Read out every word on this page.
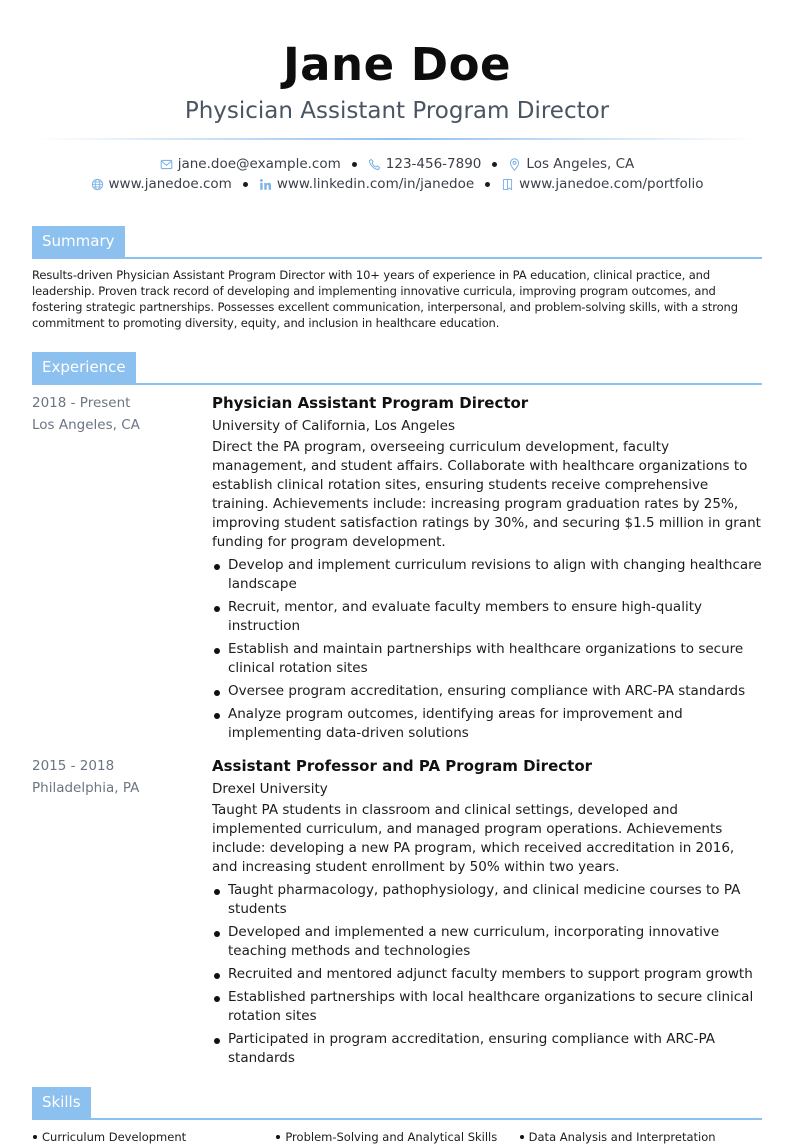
Jane Doe
Physician Assistant Program Director
jane.doe@example.com	123-456-7890	Los Angeles, CA
www.janedoe.com	www.linkedin.com/in/janedoe	www.janedoe.com/portfolio
Summary
Results-driven Physician Assistant Program Director with 10+ years of experience in PA education, clinical practice, and leadership. Proven track record of developing and implementing innovative curricula, improving program outcomes, and fostering strategic partnerships. Possesses excellent communication, interpersonal, and problem-solving skills, with a strong commitment to promoting diversity, equity, and inclusion in healthcare education.
Experience
2018 - Present
Los Angeles, CA
Physician Assistant Program Director
University of California, Los Angeles
Direct the PA program, overseeing curriculum development, faculty management, and student affairs. Collaborate with healthcare organizations to establish clinical rotation sites, ensuring students receive comprehensive training. Achievements include: increasing program graduation rates by 25%, improving student satisfaction ratings by 30%, and securing $1.5 million in grant funding for program development.
Develop and implement curriculum revisions to align with changing healthcare landscape
Recruit, mentor, and evaluate faculty members to ensure high-quality instruction
Establish and maintain partnerships with healthcare organizations to secure clinical rotation sites
Oversee program accreditation, ensuring compliance with ARC-PA standards
Analyze program outcomes, identifying areas for improvement and implementing data-driven solutions
2015 - 2018
Philadelphia, PA
Assistant Professor and PA Program Director
Drexel University
Taught PA students in classroom and clinical settings, developed and implemented curriculum, and managed program operations. Achievements include: developing a new PA program, which received accreditation in 2016, and increasing student enrollment by 50% within two years.
Taught pharmacology, pathophysiology, and clinical medicine courses to PA students
Developed and implemented a new curriculum, incorporating innovative teaching methods and technologies
Recruited and mentored adjunct faculty members to support program growth
Established partnerships with local healthcare organizations to secure clinical rotation sites
Participated in program accreditation, ensuring compliance with ARC-PA standards
Skills
Curriculum Development	Problem-Solving and Analytical Skills	Data Analysis and Interpretation
